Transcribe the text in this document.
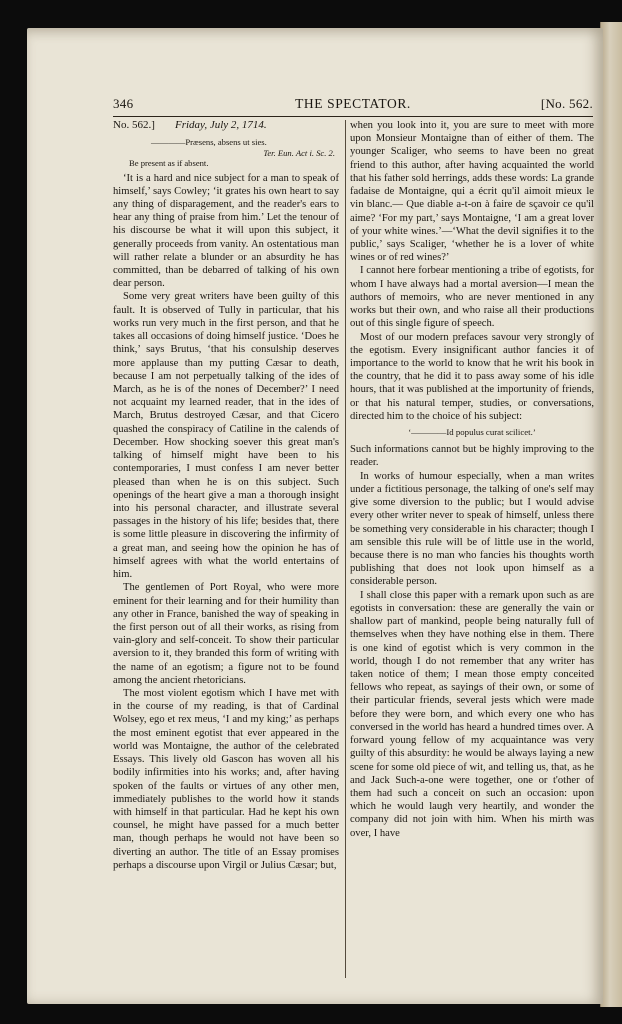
346	THE SPECTATOR.	[No. 562.
No. 562.] Friday, July 2, 1714.
————Præsens, absens ut sies.
Ter. Eun. Act i. Sc. 2.
Be present as if absent.

‘It is a hard and nice subject for a man to speak of himself,’ says Cowley; ‘it grates his own heart to say any thing of disparagement, and the reader's ears to hear any thing of praise from him.’ Let the tenour of his discourse be what it will upon this subject, it generally proceeds from vanity. An ostentatious man will rather relate a blunder or an absurdity he has committed, than be debarred of talking of his own dear person.

Some very great writers have been guilty of this fault. It is observed of Tully in particular, that his works run very much in the first person, and that he takes all occasions of doing himself justice. ‘Does he think,’ says Brutus, ‘that his consulship deserves more applause than my putting Cæsar to death, because I am not perpetually talking of the ides of March, as he is of the nones of December?’ I need not acquaint my learned reader, that in the ides of March, Brutus destroyed Cæsar, and that Cicero quashed the conspiracy of Catiline in the calends of December. How shocking soever this great man's talking of himself might have been to his contemporaries, I must confess I am never better pleased than when he is on this subject. Such openings of the heart give a man a thorough insight into his personal character, and illustrate several passages in the history of his life; besides that, there is some little pleasure in discovering the infirmity of a great man, and seeing how the opinion he has of himself agrees with what the world entertains of him.

The gentlemen of Port Royal, who were more eminent for their learning and for their humility than any other in France, banished the way of speaking in the first person out of all their works, as rising from vain-glory and self-conceit. To show their particular aversion to it, they branded this form of writing with the name of an egotism; a figure not to be found among the ancient rhetoricians.

The most violent egotism which I have met with in the course of my reading, is that of Cardinal Wolsey, ego et rex meus, ‘I and my king;’ as perhaps the most eminent egotist that ever appeared in the world was Montaigne, the author of the celebrated Essays. This lively old Gascon has woven all his bodily infirmities into his works; and, after having spoken of the faults or virtues of any other men, immediately publishes to the world how it stands with himself in that particular. Had he kept his own counsel, he might have passed for a much better man, though perhaps he would not have been so diverting an author. The title of an Essay promises perhaps a discourse upon Virgil or Julius Cæsar; but,

when you look into it, you are sure to meet with more upon Monsieur Montaigne than of either of them. The younger Scaliger, who seems to have been no great friend to this author, after having acquainted the world that his father sold herrings, adds these words: La grande fadaise de Montaigne, qui a écrit qu'il aimoit mieux le vin blanc.— Que diable a-t-on à faire de sçavoir ce qu'il aime? ‘For my part,’ says Montaigne, ‘I am a great lover of your white wines.’—‘What the devil signifies it to the public,’ says Scaliger, ‘whether he is a lover of white wines or of red wines?’

I cannot here forbear mentioning a tribe of egotists, for whom I have always had a mortal aversion—I mean the authors of memoirs, who are never mentioned in any works but their own, and who raise all their productions out of this single figure of speech.

Most of our modern prefaces savour very strongly of the egotism. Every insignificant author fancies it of importance to the world to know that he writ his book in the country, that he did it to pass away some of his idle hours, that it was published at the importunity of friends, or that his natural temper, studies, or conversations, directed him to the choice of his subject:

‘————Id populus curat scilicet.’

Such informations cannot but be highly improving to the reader.

In works of humour especially, when a man writes under a fictitious personage, the talking of one's self may give some diversion to the public; but I would advise every other writer never to speak of himself, unless there be something very considerable in his character; though I am sensible this rule will be of little use in the world, because there is no man who fancies his thoughts worth publishing that does not look upon himself as a considerable person.

I shall close this paper with a remark upon such as are egotists in conversation: these are generally the vain or shallow part of mankind, people being naturally full of themselves when they have nothing else in them. There is one kind of egotist which is very common in the world, though I do not remember that any writer has taken notice of them; I mean those empty conceited fellows who repeat, as sayings of their own, or some of their particular friends, several jests which were made before they were born, and which every one who has conversed in the world has heard a hundred times over. A forward young fellow of my acquaintance was very guilty of this absurdity: he would be always laying a new scene for some old piece of wit, and telling us, that, as he and Jack Such-a-one were together, one or t'other of them had such a conceit on such an occasion: upon which he would laugh very heartily, and wonder the company did not join with him. When his mirth was over, I have
